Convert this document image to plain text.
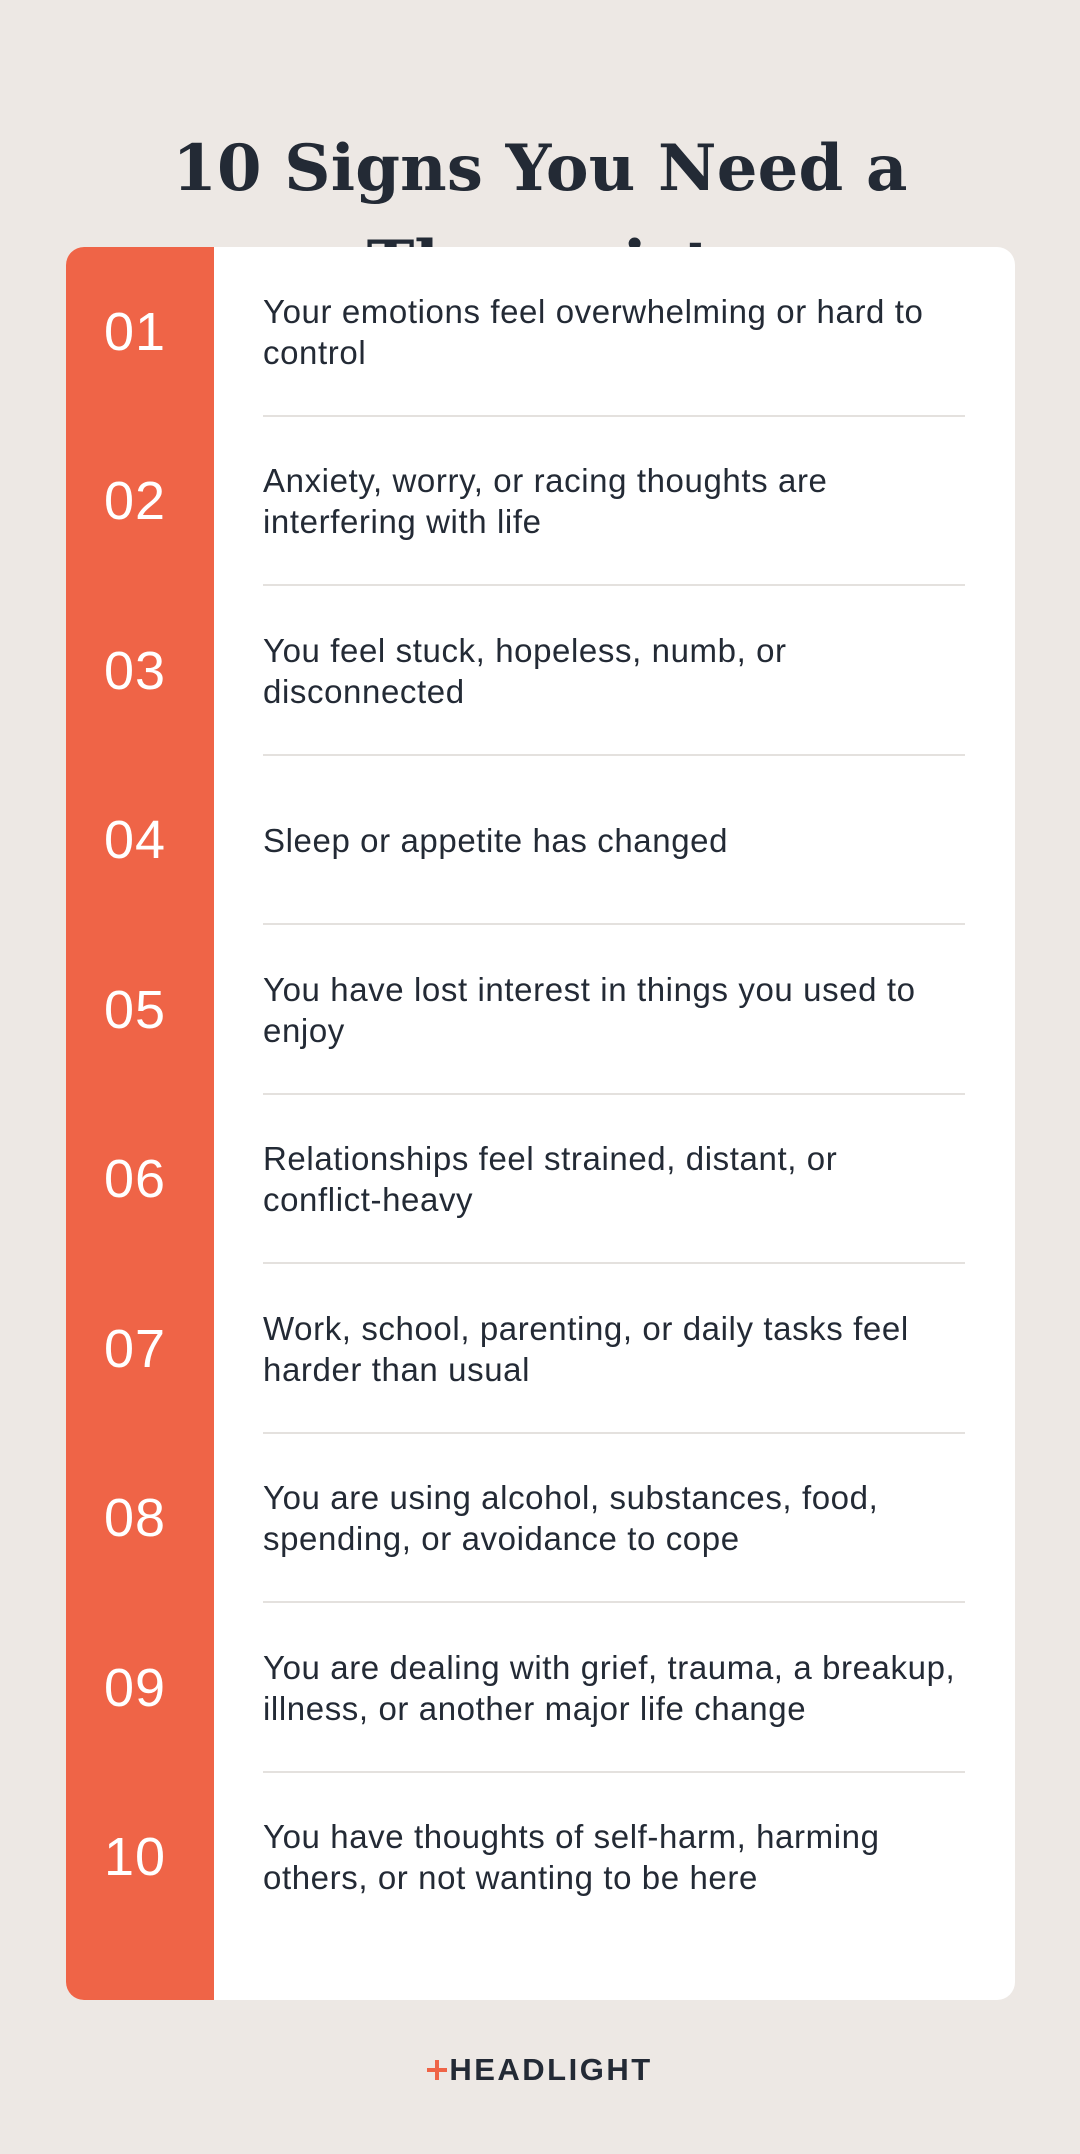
10 Signs You Need a
01	Your emotions feel overwhelming or hard to control
02	Anxiety, worry, or racing thoughts are interfering with life
03	You feel stuck, hopeless, numb, or disconnected
04	Sleep or appetite has changed
05	You have lost interest in things you used to enjoy
06	Relationships feel strained, distant, or conflict-heavy
07	Work, school, parenting, or daily tasks feel harder than usual
08	You are using alcohol, substances, food, spending, or avoidance to cope
09	You are dealing with grief, trauma, a breakup, illness, or another major life change
10	You have thoughts of self-harm, harming others, or not wanting to be here
HEADLIGHT
